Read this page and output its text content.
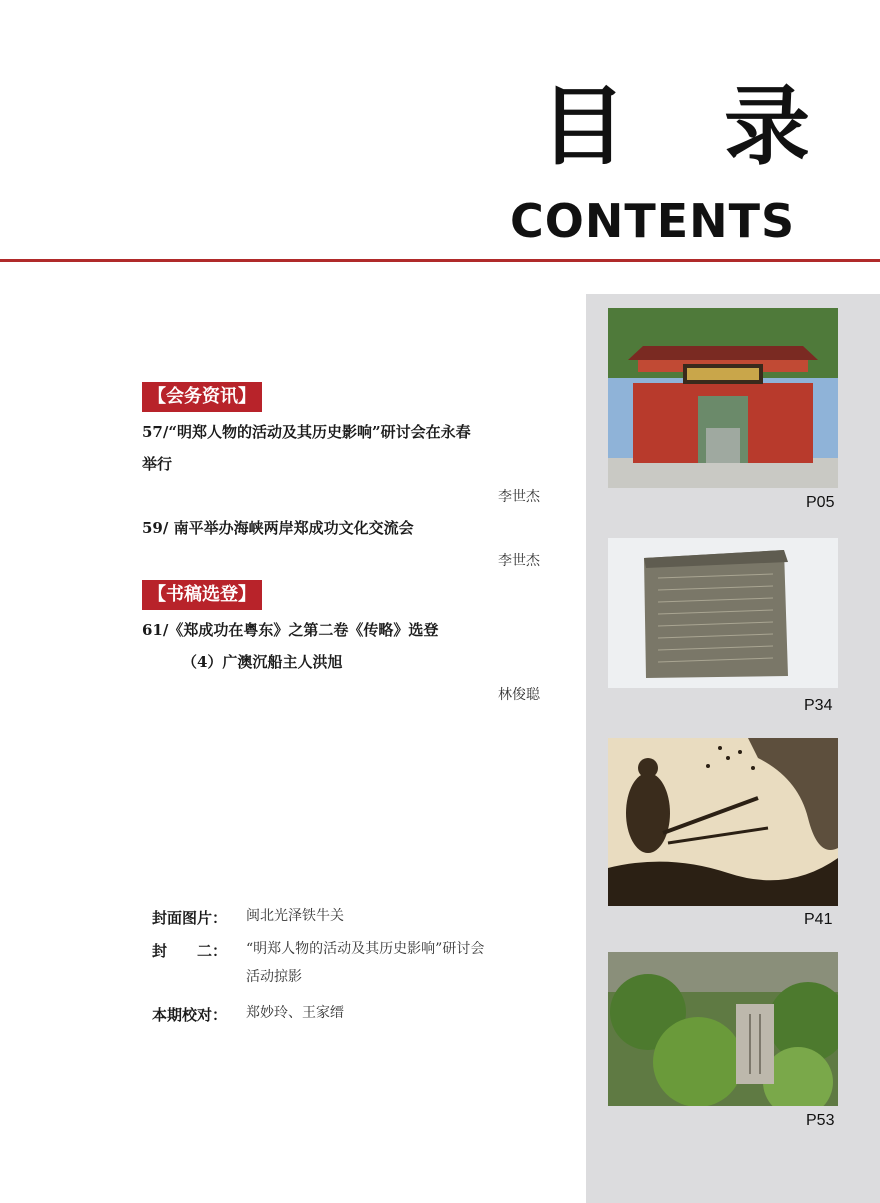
目 录
CONTENTS
【会务资讯】
57/“明郑人物的活动及其历史影响”研讨会在永春
举行
李世杰
59/ 南平举办海峡两岸郑成功文化交流会
李世杰
【书稿选登】
61/《郑成功在粤东》之第二卷《传略》选登
（4）广澳沉船主人洪旭
林俊聪
封面图片： 闽北光泽铁牛关
封　　二： “明郑人物的活动及其历史影响”研讨会
活动掠影
本期校对： 郑妙玲、王家缙
P05
P34
P41
P53
